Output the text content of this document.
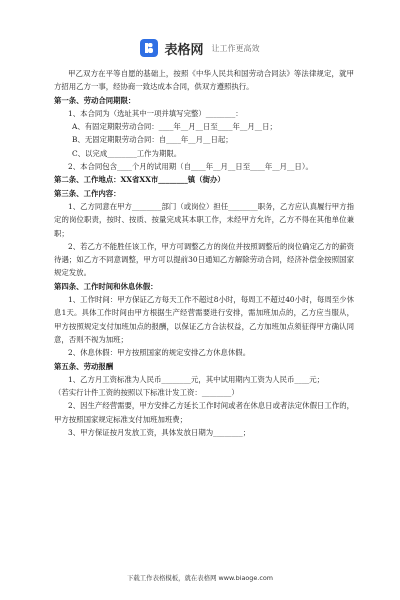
表格网 让工作更高效

甲乙双方在平等自愿的基础上，按照《中华人民共和国劳动合同法》等法律规定，就甲方招用乙方一事，经协商一致达成本合同，供双方遵照执行。

第一条、劳动合同期限：

1、本合同为（选址其中一项并填写完整）________：

A、有固定期限劳动合同：____年__月__日至____年__月__日；

B、无固定期限劳动合同：自____年__月__日起；

C、以完成________工作为期限。

2、本合同包含____个月的试用期（自____年__月__日至____年__月__日）。

第二条、工作地点：XX省XX市________镇（街办）

第三条、工作内容：

1、乙方同意在甲方________部门（或岗位）担任________职务，乙方应认真履行甲方指定的岗位职责，按时、按质、按量完成其本职工作，未经甲方允许，乙方不得在其他单位兼职；

2、若乙方不能胜任该工作，甲方可调整乙方的岗位并按照调整后的岗位确定乙方的薪资待遇；如乙方不同意调整，甲方可以提前30日通知乙方解除劳动合同，经济补偿金按照国家规定发放。

第四条、工作时间和休息休假：

1、工作时间：甲方保证乙方每天工作不超过8小时，每周工不超过40小时，每周至少休息1天。具体工作时间由甲方根据生产经营需要进行安排，需加班加点的，乙方应当服从，甲方按照规定支付加班加点的报酬，以保证乙方合法权益，乙方加班加点须征得甲方确认同意，否则不视为加班；

2、休息休假：甲方按照国家的规定安排乙方休息休假。

第五条、劳动报酬

1、乙方月工资标准为人民币________元，其中试用期内工资为人民币____元；

（若实行计件工资的按照以下标准计发工资：________）

2、因生产经营需要，甲方安排乙方延长工作时间或者在休息日或者法定休假日工作的，甲方按照国家规定标准支付加班加班费；

3、甲方保证按月发放工资，具体发放日期为________；

下载工作表格模板，就在表格网 www.biaoge.com
